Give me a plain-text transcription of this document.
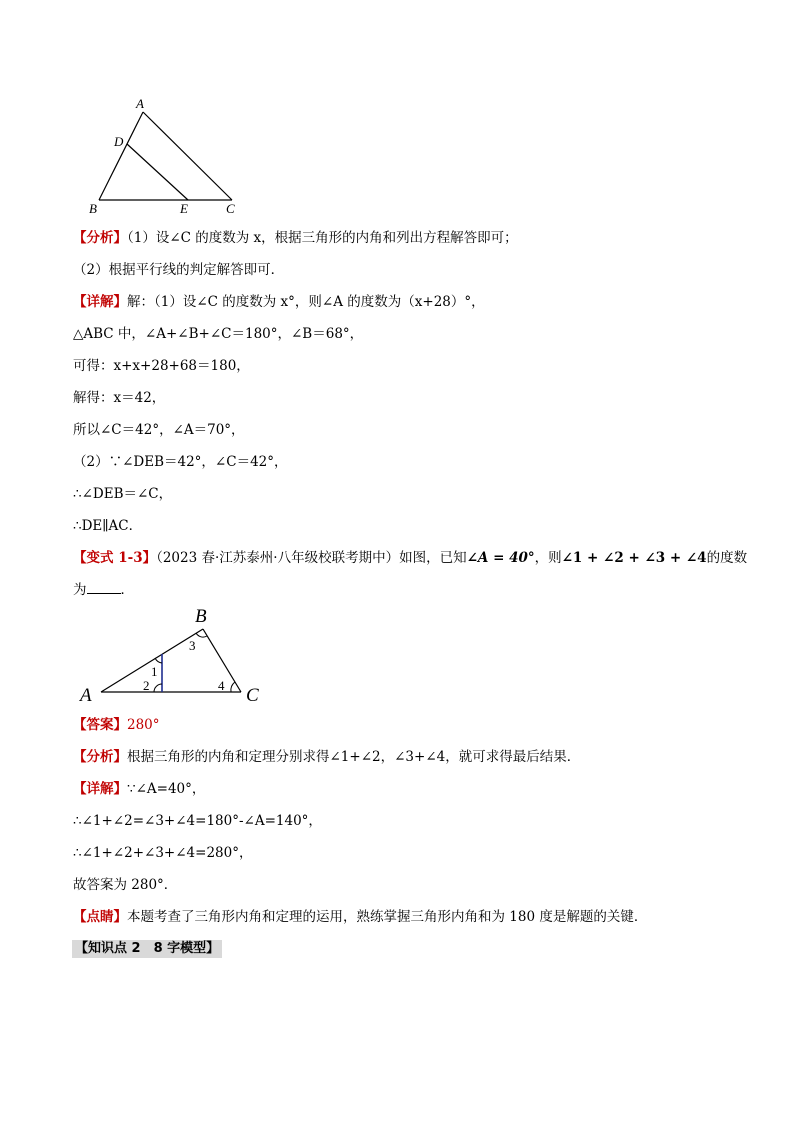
A
D
B	E	C
【分析】（1）设∠C 的度数为 x，根据三角形的内角和列出方程解答即可；
（2）根据平行线的判定解答即可．
【详解】解：（1）设∠C 的度数为 x°，则∠A 的度数为（x+28）°，
△ABC 中，∠A+∠B+∠C＝180°，∠B＝68°，
可得：x+x+28+68＝180，
解得：x＝42，
所以∠C＝42°，∠A＝70°，
（2）∵∠DEB＝42°，∠C＝42°，
∴∠DEB＝∠C，
∴DE∥AC．
【变式 1-3】（2023 春·江苏泰州·八年级校联考期中）如图，已知∠A = 40°，则∠1 + ∠2 + ∠3 + ∠4的度数
为	．
A
B
C
1
2
3
4
【答案】280°
【分析】根据三角形的内角和定理分别求得∠1+∠2，∠3+∠4，就可求得最后结果．
【详解】∵∠A=40°，
∴∠1+∠2=∠3+∠4=180°-∠A=140°，
∴∠1+∠2+∠3+∠4=280°，
故答案为 280°．
【点睛】本题考查了三角形内角和定理的运用，熟练掌握三角形内角和为 180 度是解题的关键．
【知识点 2　8 字模型】
